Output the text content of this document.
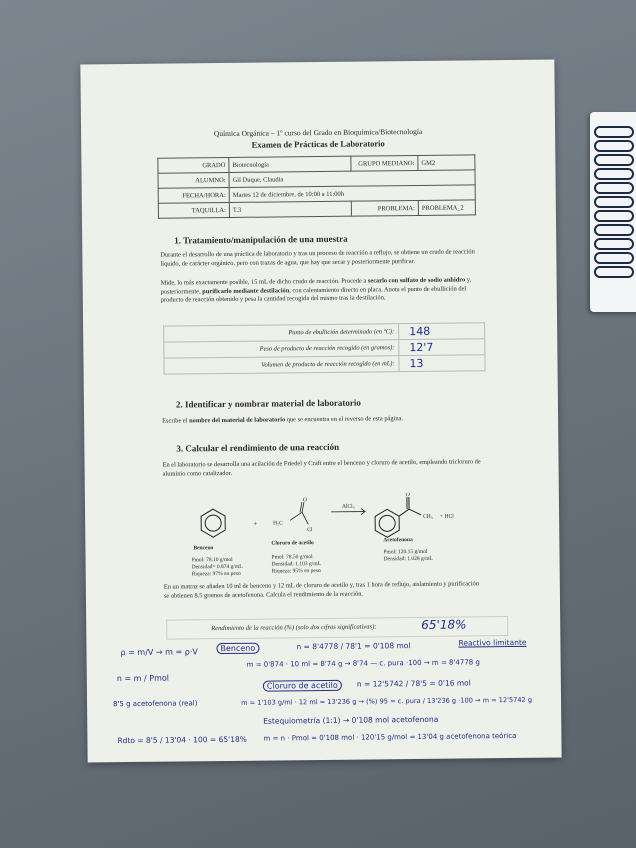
Química Orgánica – 1º curso del Grado en Bioquímica/Biotecnología
Examen de Prácticas de Laboratorio
GRADO	Biotecnología	GRUPO MEDIANO:	GM2
ALUMNO:	Gil Duque, Claudia		
FECHA/HORA:	Martes 12 de diciembre, de 10:00 a 11:00h		
TAQUILLA:	T.3	PROBLEMA:	PROBLEMA_2
1. Tratamiento/manipulación de una muestra
Durante el desarrollo de una práctica de laboratorio y tras un proceso de reacción a reflujo, se obtiene un crudo de reacción líquido, de carácter orgánico, pero con trazas de agua, que hay que secar y posteriormente purificar.
Mide, lo más exactamente posible, 15 mL de dicho crudo de reacción. Procede a secarlo con sulfato de sodio anhidro y, posteriormente, purificarlo mediante destilación, con calentamiento directo en placa. Anota el punto de ebullición del producto de reacción obtenido y pesa la cantidad recogida del mismo tras la destilación.
Punto de ebullición determinado (en ºC):	148
Peso de producto de reacción recogido (en gramos):	12'7
Volumen de producto de reacción recogido (en mL):	13
2. Identificar y nombrar material de laboratorio
Escribe el nombre del material de laboratorio que se encuentra en el reverso de esta página.
3. Calcular el rendimiento de una reacción
En el laboratorio se desarrolla una acilación de Friedel y Craft entre el benceno y cloruro de acetilo, empleando tricloruro de aluminio como catalizador.
+	H₃C
O
Cl
AlCl₃
O
CH₃ + HCl
Benceno
Pmol: 78.10 g/mol
Densidad= 0.874 g/mL
Riqueza: 97% en peso
Cloruro de acetilo
Pmol: 78.50 g/mol
Densidad: 1.103 g/mL
Riqueza: 95% en peso
Acetofenona
Pmol: 120.15 g/mol
Densidad: 1.028 g/mL
En un matraz se añaden 10 ml de benceno y 12 mL de cloruro de acetilo y, tras 1 hora de reflujo, aislamiento y purificación se obtienen 8.5 gramos de acetofenona. Calcula el rendimiento de la reacción.
Rendimiento de la reacción (%) (solo dos cifras significativas):	65'18%
ρ = m/V → m = ρ·V	Benceno	n = 8'4778 / 78'1 = 0'108 mol	Reactivo limitante
n = m / Pmol
m = 0'874 · 10 ml = 8'74 g → 8'74 — c. pura ·100 → m = 8'4778 g
Cloruro de acetilo	n = 12'5742 / 78'5 = 0'16 mol
8'5 g acetofenona (real)	m = 1'103 g/ml · 12 ml = 13'236 g → (%) 95 = c. pura / 13'236 g ·100 → m = 12'5742 g
Estequiometría (1:1) → 0'108 mol acetofenona
Rdto = 8'5 / 13'04 · 100 = 65'18% m = n · Pmol = 0'108 mol · 120'15 g/mol = 13'04 g acetofenona teórica
